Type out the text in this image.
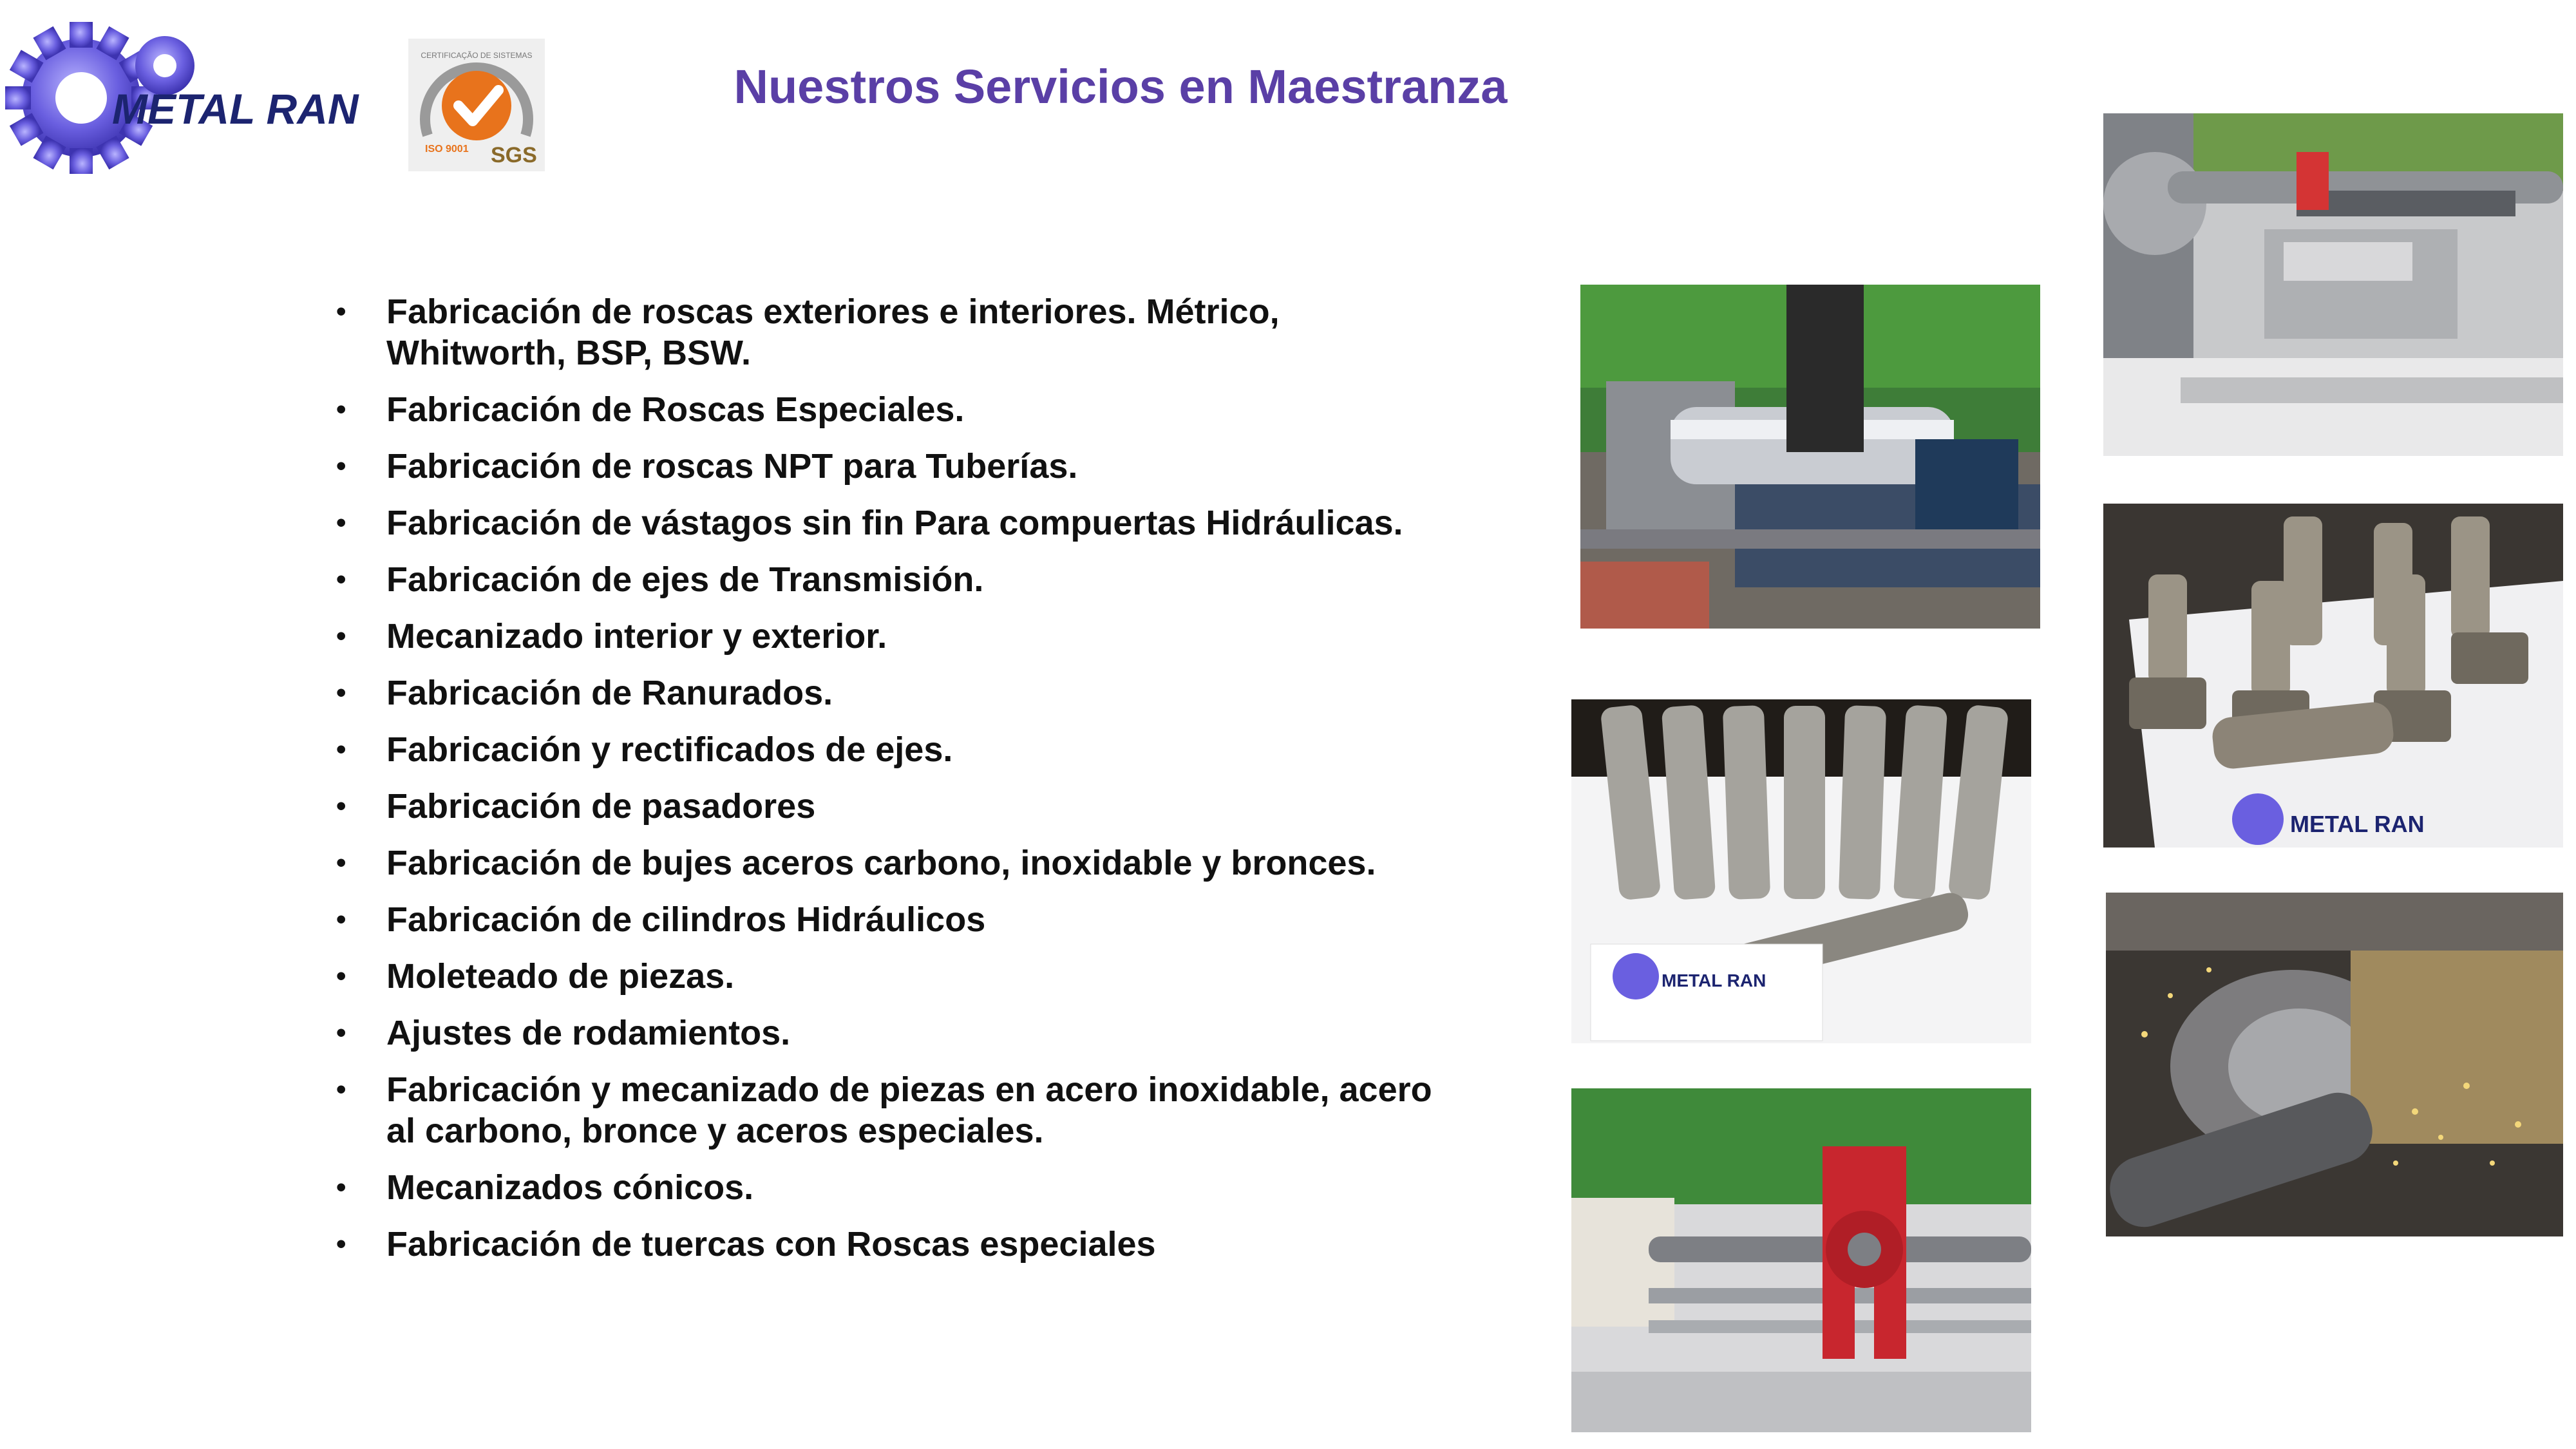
METAL RAN
CERTIFICAÇÃO DE SISTEMAS
ISO 9001 SGS
Nuestros Servicios en Maestranza
• Fabricación de roscas exteriores e interiores. Métrico, Whitworth, BSP, BSW.
• Fabricación de Roscas Especiales.
• Fabricación de roscas NPT para Tuberías.
• Fabricación de vástagos sin fin Para compuertas Hidráulicas.
• Fabricación de ejes de Transmisión.
• Mecanizado interior y exterior.
• Fabricación de Ranurados.
• Fabricación y rectificados de ejes.
• Fabricación de pasadores
• Fabricación de bujes aceros carbono, inoxidable y bronces.
• Fabricación de cilindros Hidráulicos
• Moleteado de piezas.
• Ajustes de rodamientos.
• Fabricación y mecanizado de piezas en acero inoxidable, acero al carbono, bronce y aceros especiales.
• Mecanizados cónicos.
• Fabricación de tuercas con Roscas especiales
METAL RAN
METAL RAN
